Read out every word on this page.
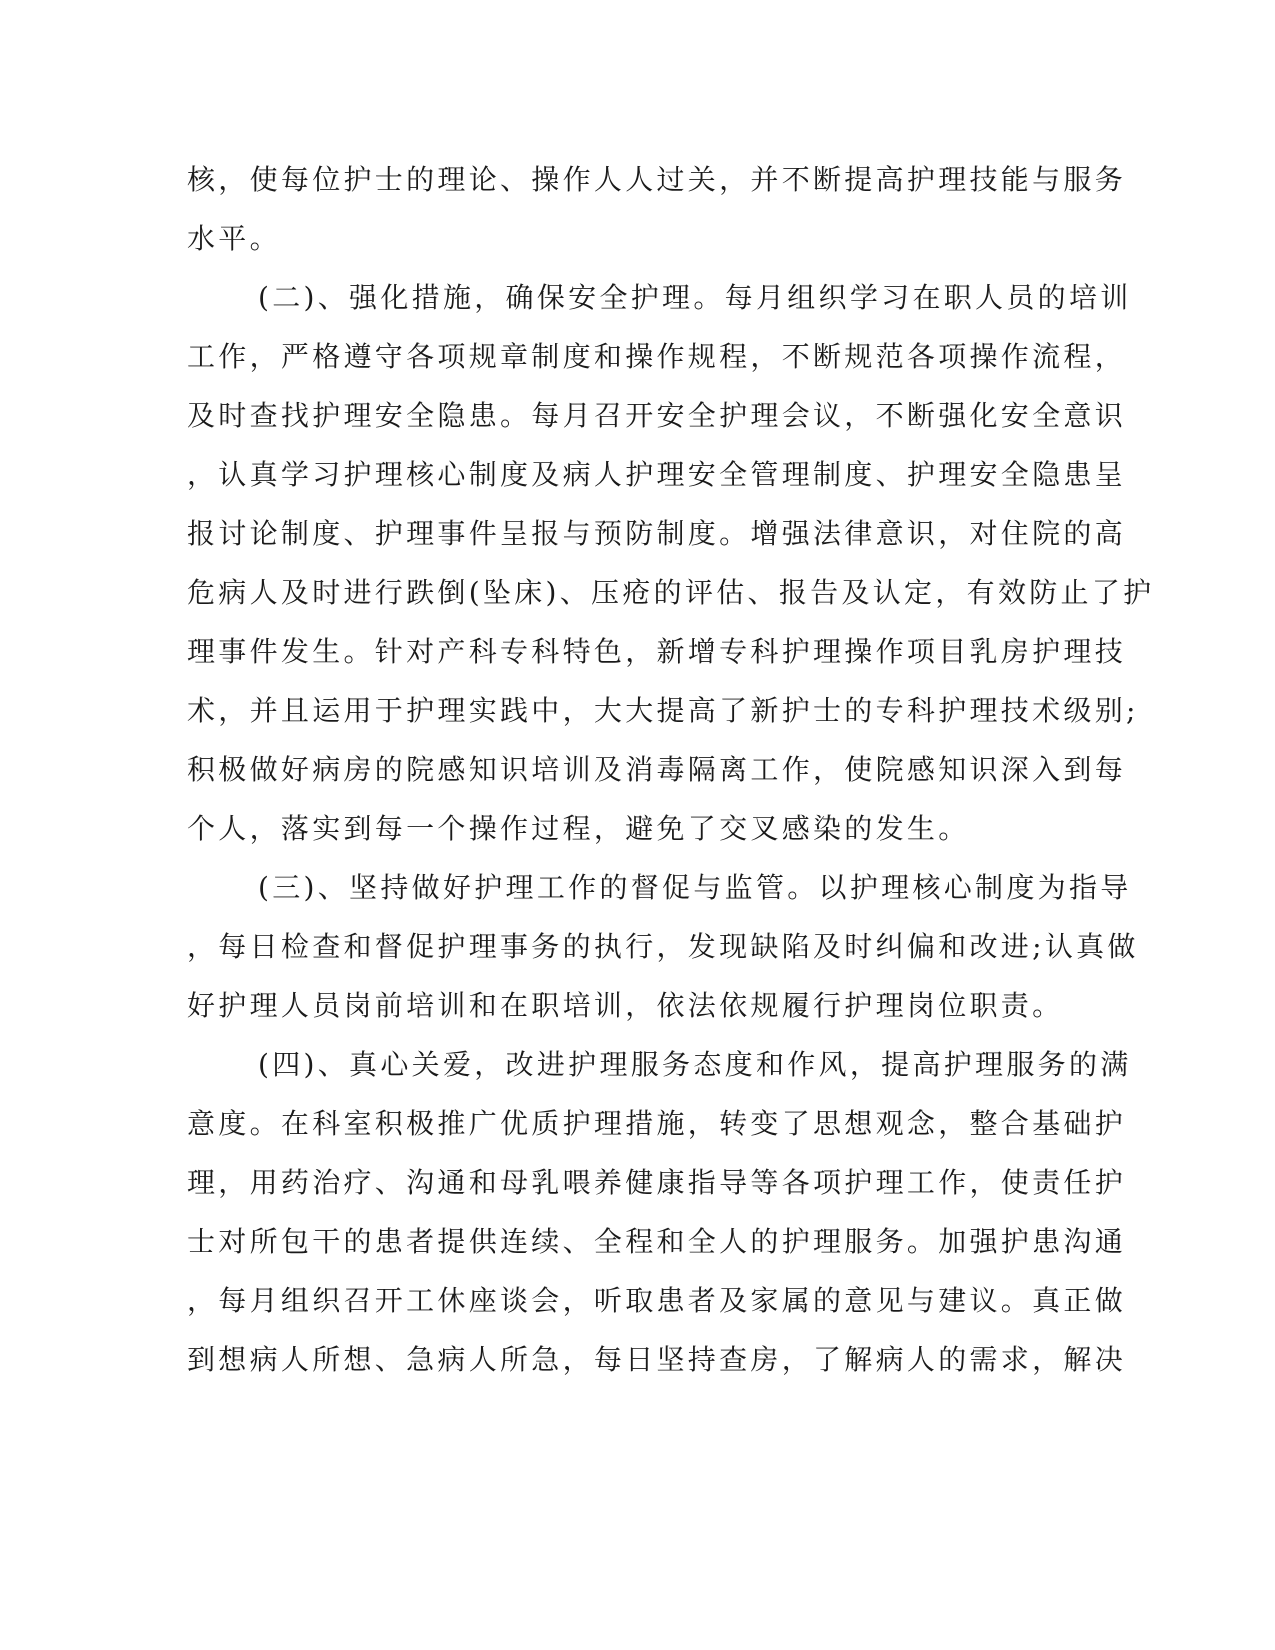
核，使每位护士的理论、操作人人过关，并不断提高护理技能与服务
水平。
(二)、强化措施，确保安全护理。每月组织学习在职人员的培训
工作，严格遵守各项规章制度和操作规程，不断规范各项操作流程，
及时查找护理安全隐患。每月召开安全护理会议，不断强化安全意识
，认真学习护理核心制度及病人护理安全管理制度、护理安全隐患呈
报讨论制度、护理事件呈报与预防制度。增强法律意识，对住院的高
危病人及时进行跌倒(坠床)、压疮的评估、报告及认定，有效防止了护
理事件发生。针对产科专科特色，新增专科护理操作项目乳房护理技
术，并且运用于护理实践中，大大提高了新护士的专科护理技术级别;
积极做好病房的院感知识培训及消毒隔离工作，使院感知识深入到每
个人，落实到每一个操作过程，避免了交叉感染的发生。
(三)、坚持做好护理工作的督促与监管。以护理核心制度为指导
，每日检查和督促护理事务的执行，发现缺陷及时纠偏和改进;认真做
好护理人员岗前培训和在职培训，依法依规履行护理岗位职责。
(四)、真心关爱，改进护理服务态度和作风，提高护理服务的满
意度。在科室积极推广优质护理措施，转变了思想观念，整合基础护
理，用药治疗、沟通和母乳喂养健康指导等各项护理工作，使责任护
士对所包干的患者提供连续、全程和全人的护理服务。加强护患沟通
，每月组织召开工休座谈会，听取患者及家属的意见与建议。真正做
到想病人所想、急病人所急，每日坚持查房，了解病人的需求，解决
